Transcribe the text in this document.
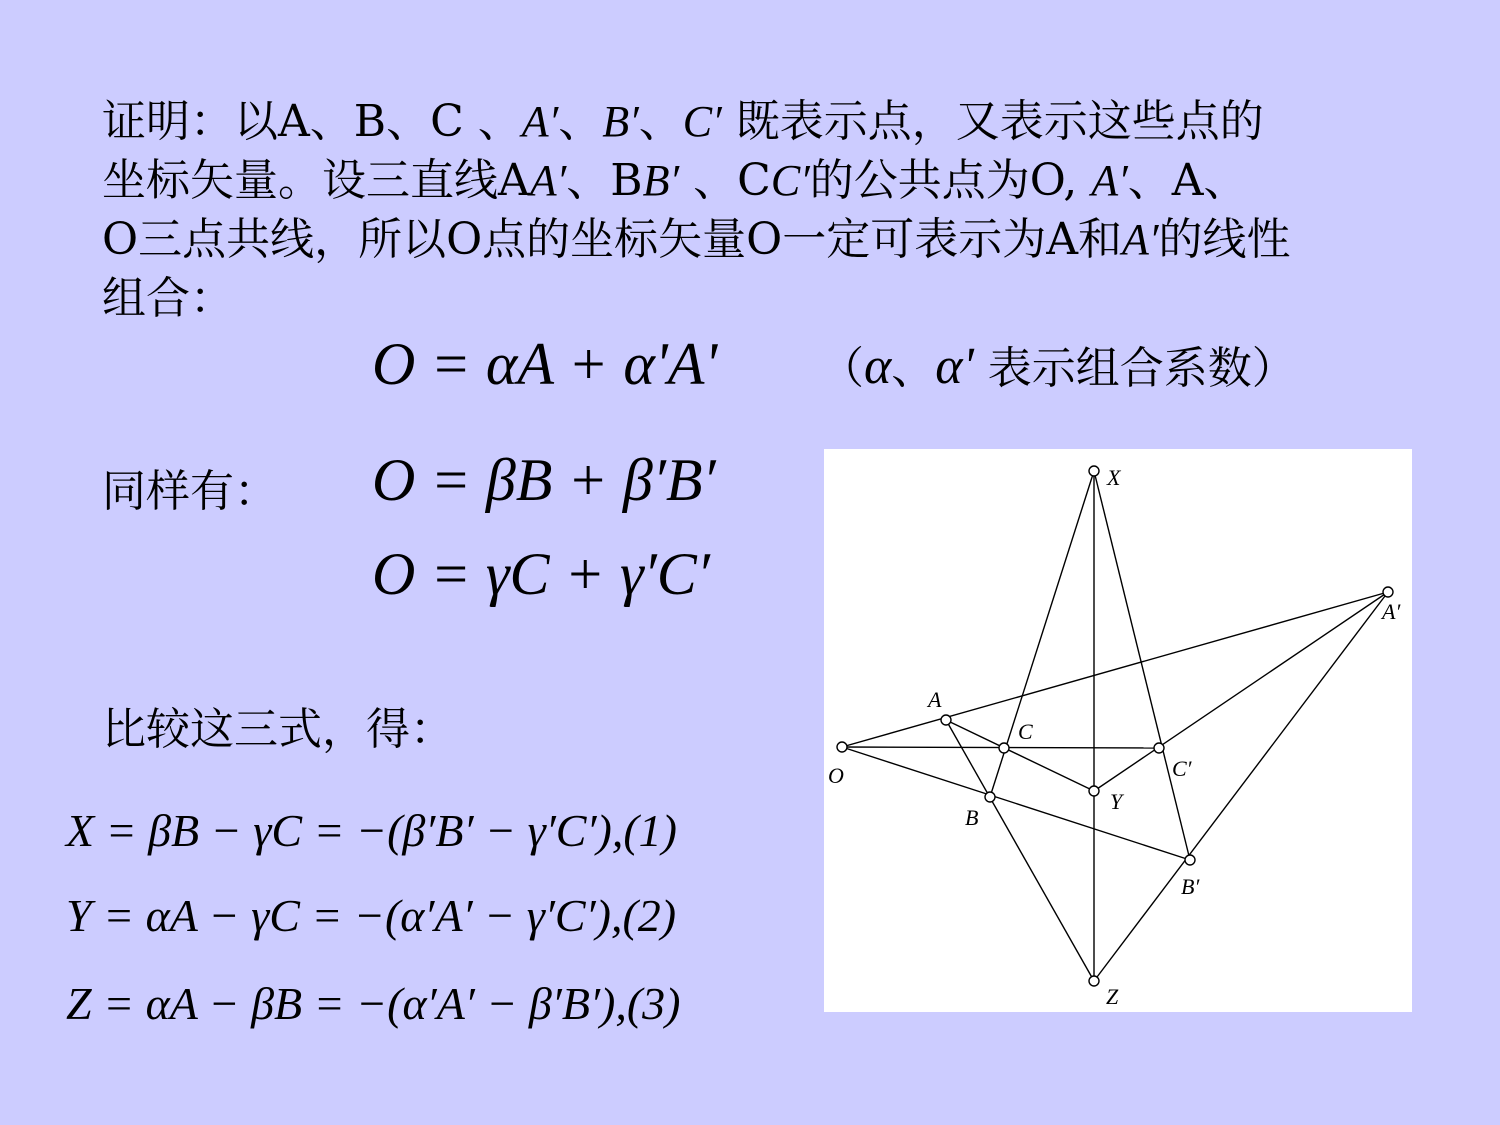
证明：以A、B、C 、A′、B′、C′ 既表示点，又表示这些点的
坐标矢量。设三直线AA′、BB′ 、CC′的公共点为O, A′、A、
O三点共线，所以O点的坐标矢量O一定可表示为A和A′的线性
组合：
O = αA + α'A' （α、α' 表示组合系数）
同样有： O = βB + β′B′
O = γC + γ′C′
比较这三式，得：
X = βB − γC = −(β′B′ − γ′C′),(1)
Y = αA − γC = −(α′A′ − γ′C′),(2)
Z = αA − βB = −(α′A′ − β′B′),(3)
X
A′
A
C
O	C′
Y
B
B′
Z
